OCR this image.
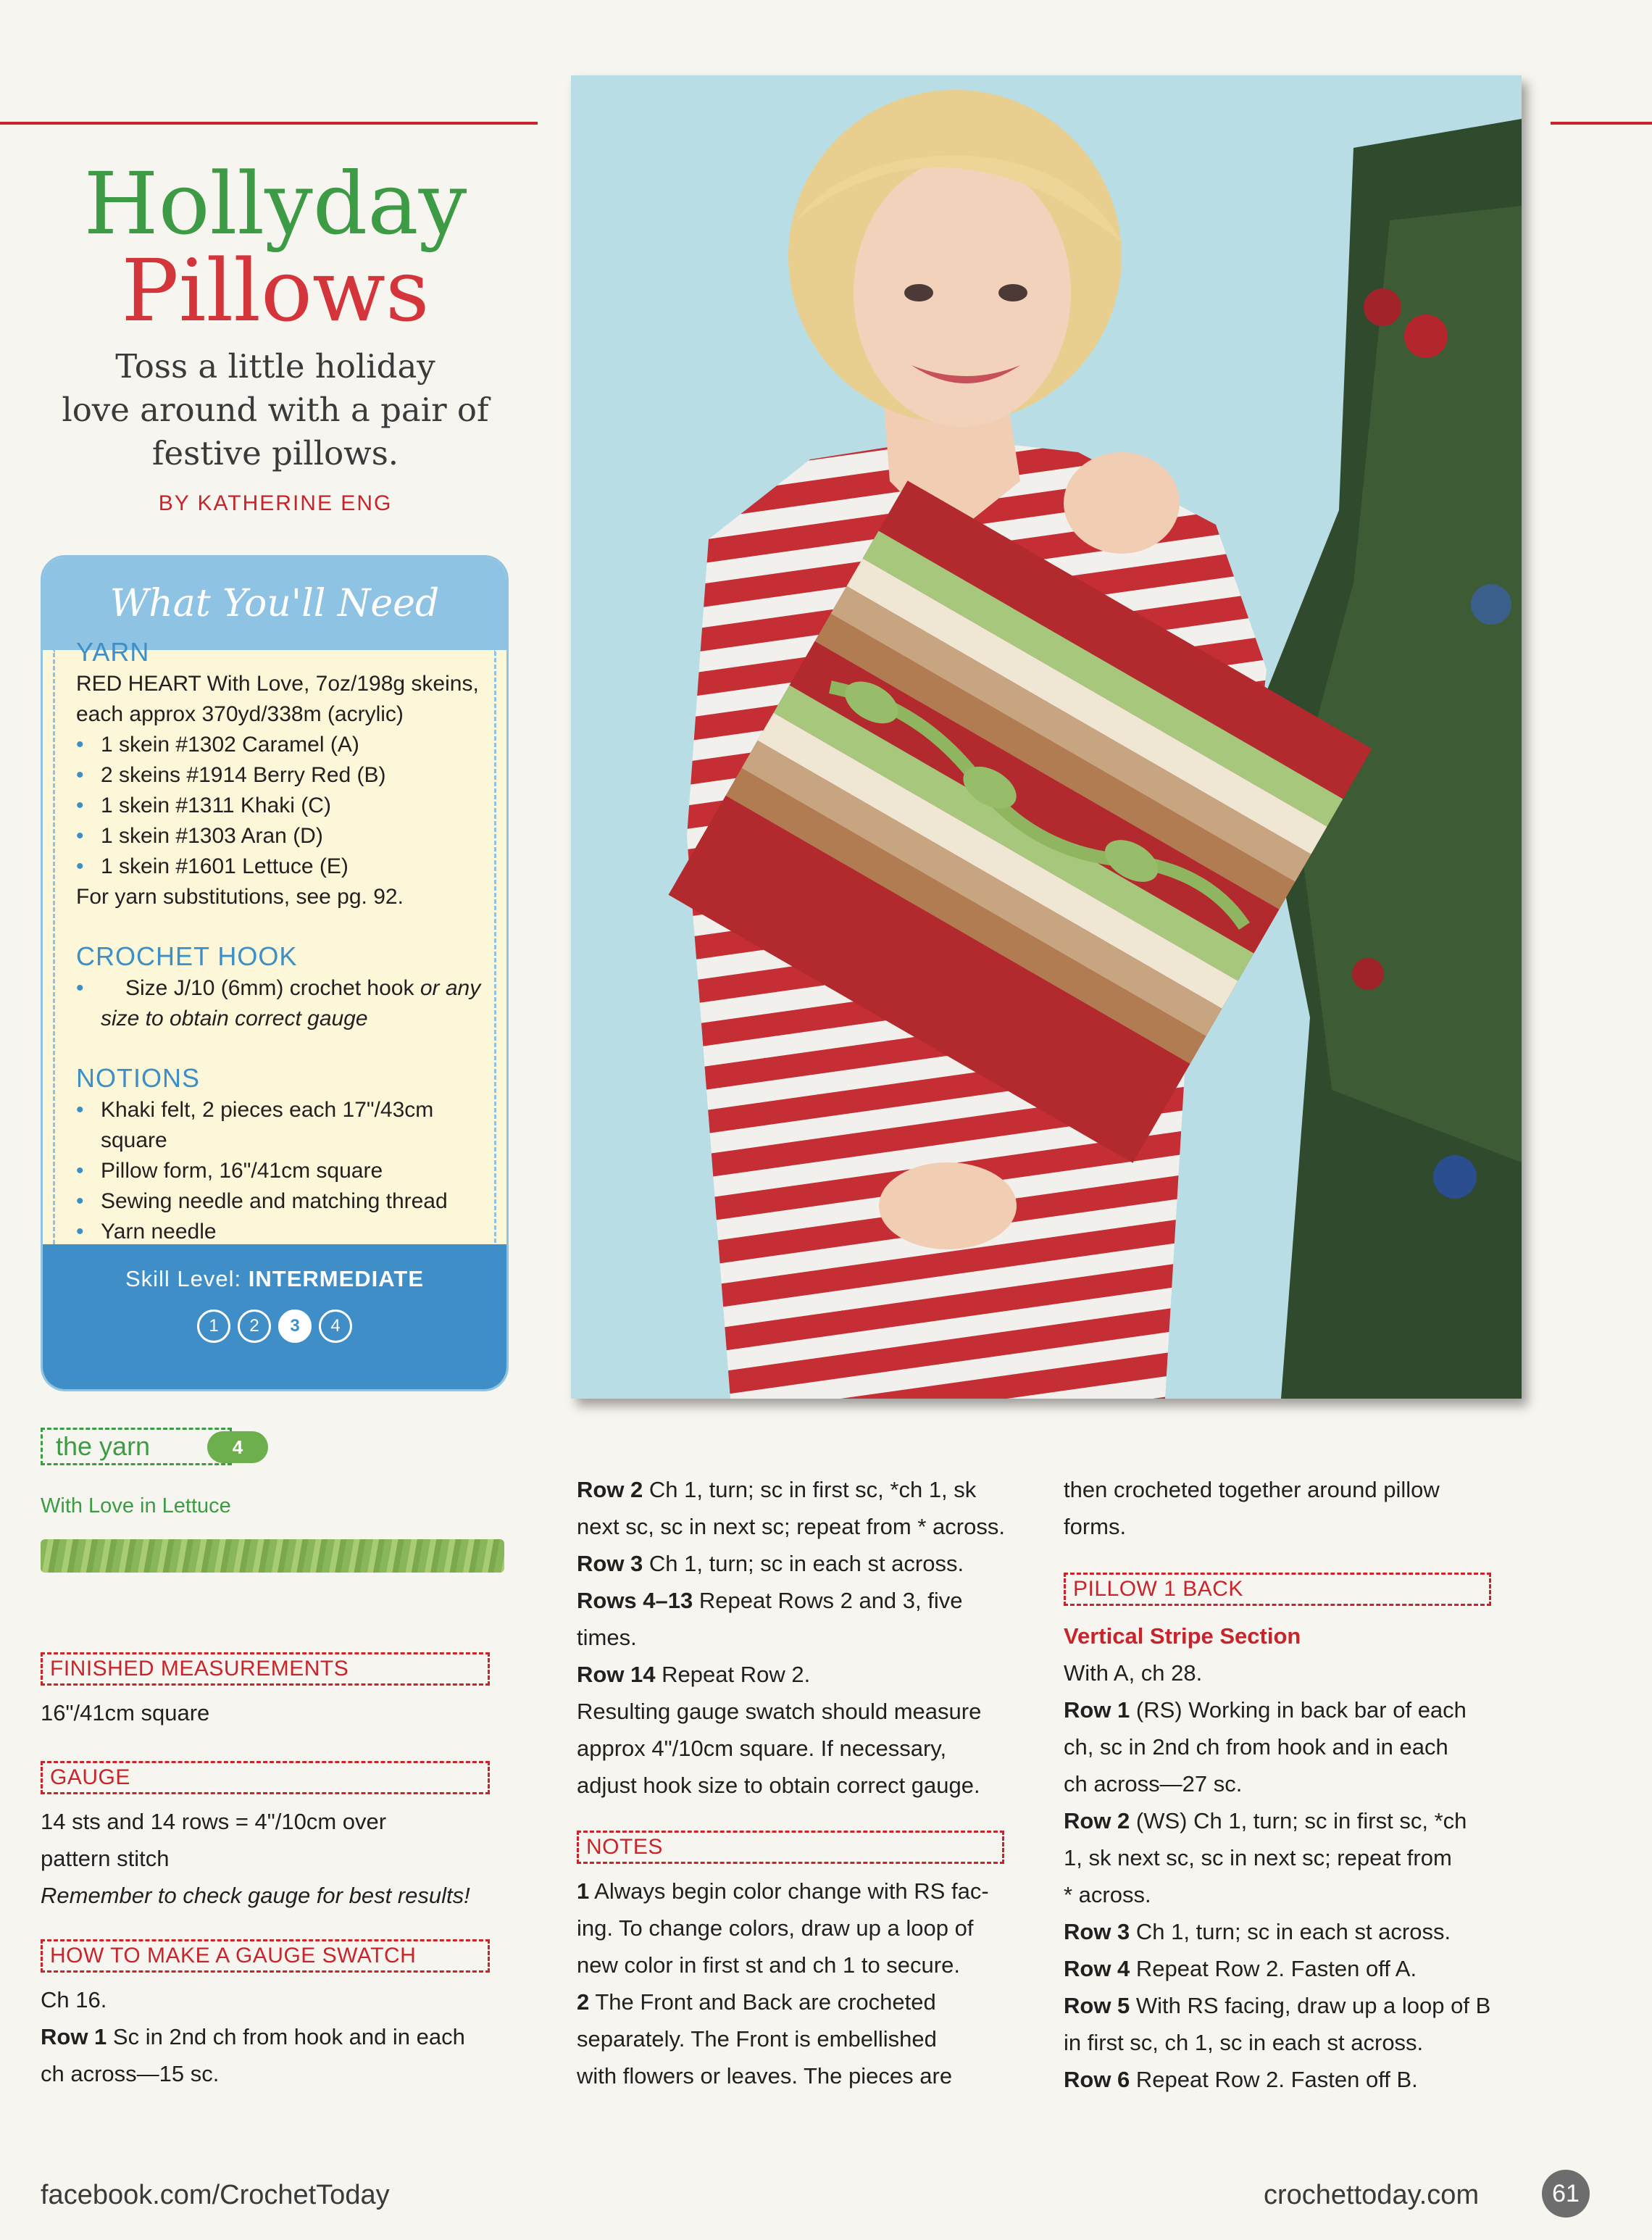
Hollyday
Pillows
Toss a little holiday
love around with a pair of
festive pillows.
BY KATHERINE ENG
What You'll Need
YARN
RED HEART With Love, 7oz/198g skeins,
each approx 370yd/338m (acrylic)
• 1 skein #1302 Caramel (A)
• 2 skeins #1914 Berry Red (B)
• 1 skein #1311 Khaki (C)
• 1 skein #1303 Aran (D)
• 1 skein #1601 Lettuce (E)
For yarn substitutions, see pg. 92.
CROCHET HOOK
• Size J/10 (6mm) crochet hook or any
size to obtain correct gauge
NOTIONS
• Khaki felt, 2 pieces each 17"/43cm
square
• Pillow form, 16"/41cm square
• Sewing needle and matching thread
• Yarn needle
Skill Level: INTERMEDIATE
1	2	3	4
the yarn	4
With Love in Lettuce
FINISHED MEASUREMENTS
16"/41cm square
GAUGE

14 sts and 14 rows = 4"/10cm over

pattern stitch

Remember to check gauge for best results!

HOW TO MAKE A GAUGE SWATCH

Ch 16.

Row 1 Sc in 2nd ch from hook and in each

ch across—15 sc.

Row 2 Ch 1, turn; sc in first sc, *ch 1, sk

next sc, sc in next sc; repeat from * across.

Row 3 Ch 1, turn; sc in each st across.

Rows 4–13 Repeat Rows 2 and 3, five

times.

Row 14 Repeat Row 2.

Resulting gauge swatch should measure

approx 4"/10cm square. If necessary,

adjust hook size to obtain correct gauge.

NOTES

1 Always begin color change with RS fac-

ing. To change colors, draw up a loop of

new color in first st and ch 1 to secure.

2 The Front and Back are crocheted

separately. The Front is embellished

with flowers or leaves. The pieces are

then crocheted together around pillow

forms.

PILLOW 1 BACK

Vertical Stripe Section

With A, ch 28.

Row 1 (RS) Working in back bar of each

ch, sc in 2nd ch from hook and in each

ch across—27 sc.

Row 2 (WS) Ch 1, turn; sc in first sc, *ch

1, sk next sc, sc in next sc; repeat from

* across.

Row 3 Ch 1, turn; sc in each st across.

Row 4 Repeat Row 2. Fasten off A.

Row 5 With RS facing, draw up a loop of B

in first sc, ch 1, sc in each st across.

Row 6 Repeat Row 2. Fasten off B.

facebook.com/CrochetToday	crochettoday.com	61
